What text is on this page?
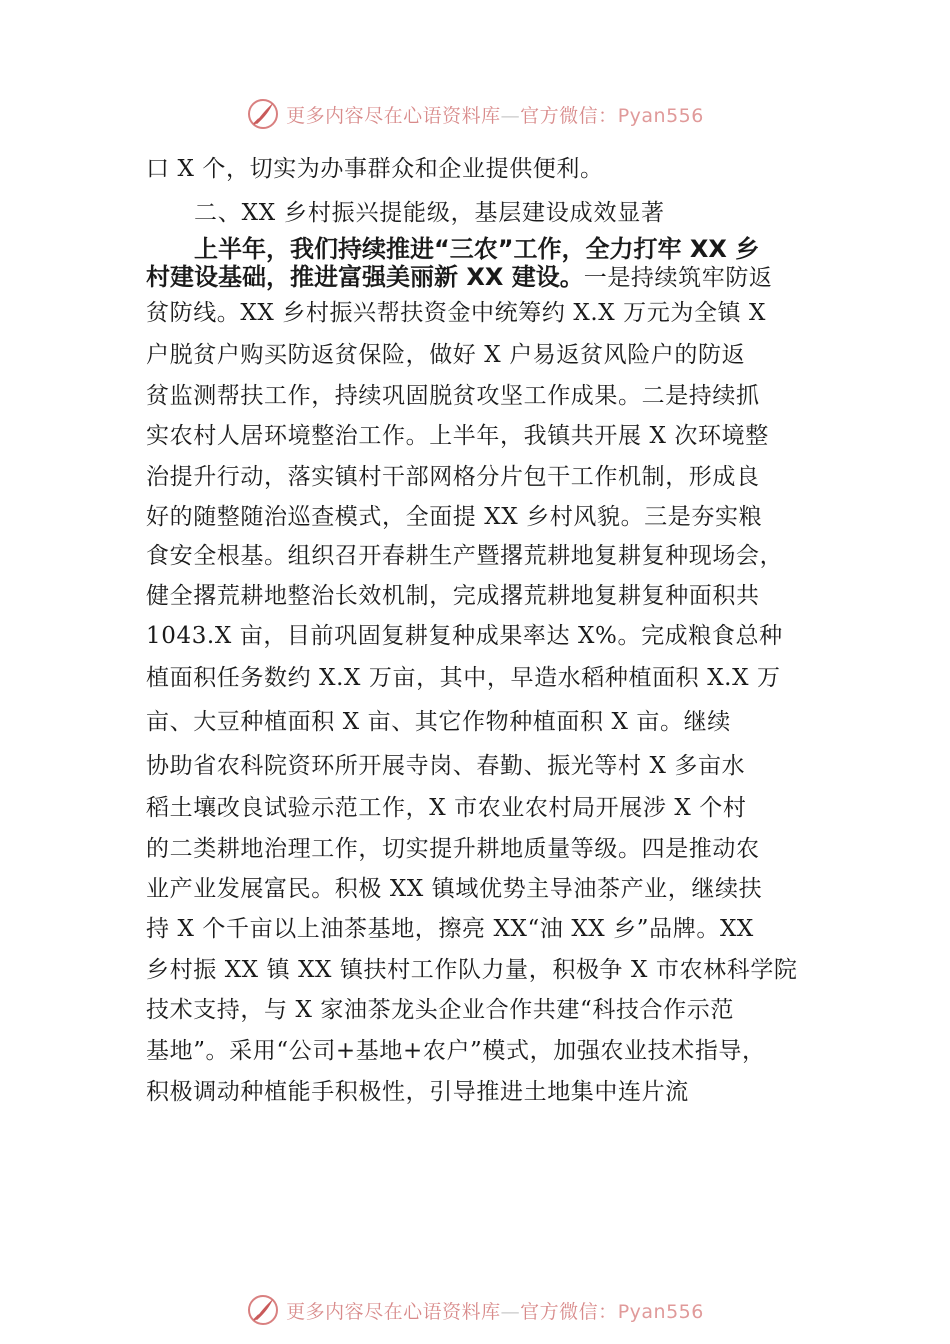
更多内容尽在心语资料库—官方微信：Pyan556
口 X 个，切实为办事群众和企业提供便利。
二、XX 乡村振兴提能级，基层建设成效显著
上半年，我们持续推进“三农”工作，全力打牢 XX 乡
村建设基础，推进富强美丽新 XX 建设。一是持续筑牢防返
贫防线。XX 乡村振兴帮扶资金中统筹约 X.X 万元为全镇 X
户脱贫户购买防返贫保险，做好 X 户易返贫风险户的防返
贫监测帮扶工作，持续巩固脱贫攻坚工作成果。二是持续抓
实农村人居环境整治工作。上半年，我镇共开展 X 次环境整
治提升行动，落实镇村干部网格分片包干工作机制，形成良
好的随整随治巡查模式，全面提 XX 乡村风貌。三是夯实粮
食安全根基。组织召开春耕生产暨撂荒耕地复耕复种现场会，
健全撂荒耕地整治长效机制，完成撂荒耕地复耕复种面积共
1043.X 亩，目前巩固复耕复种成果率达 X%。完成粮食总种
植面积任务数约 X.X 万亩，其中，早造水稻种植面积 X.X 万
亩、大豆种植面积 X 亩、其它作物种植面积 X 亩。继续
协助省农科院资环所开展寺岗、春勤、振光等村 X 多亩水
稻土壤改良试验示范工作，X 市农业农村局开展涉 X 个村
的二类耕地治理工作，切实提升耕地质量等级。四是推动农
业产业发展富民。积极 XX 镇域优势主导油茶产业，继续扶
持 X 个千亩以上油茶基地，擦亮 XX“油 XX 乡”品牌。XX
乡村振 XX 镇 XX 镇扶村工作队力量，积极争 X 市农林科学院
技术支持，与 X 家油茶龙头企业合作共建“科技合作示范
基地”。采用“公司+基地+农户”模式，加强农业技术指导，
积极调动种植能手积极性，引导推进土地集中连片流
更多内容尽在心语资料库—官方微信：Pyan556
